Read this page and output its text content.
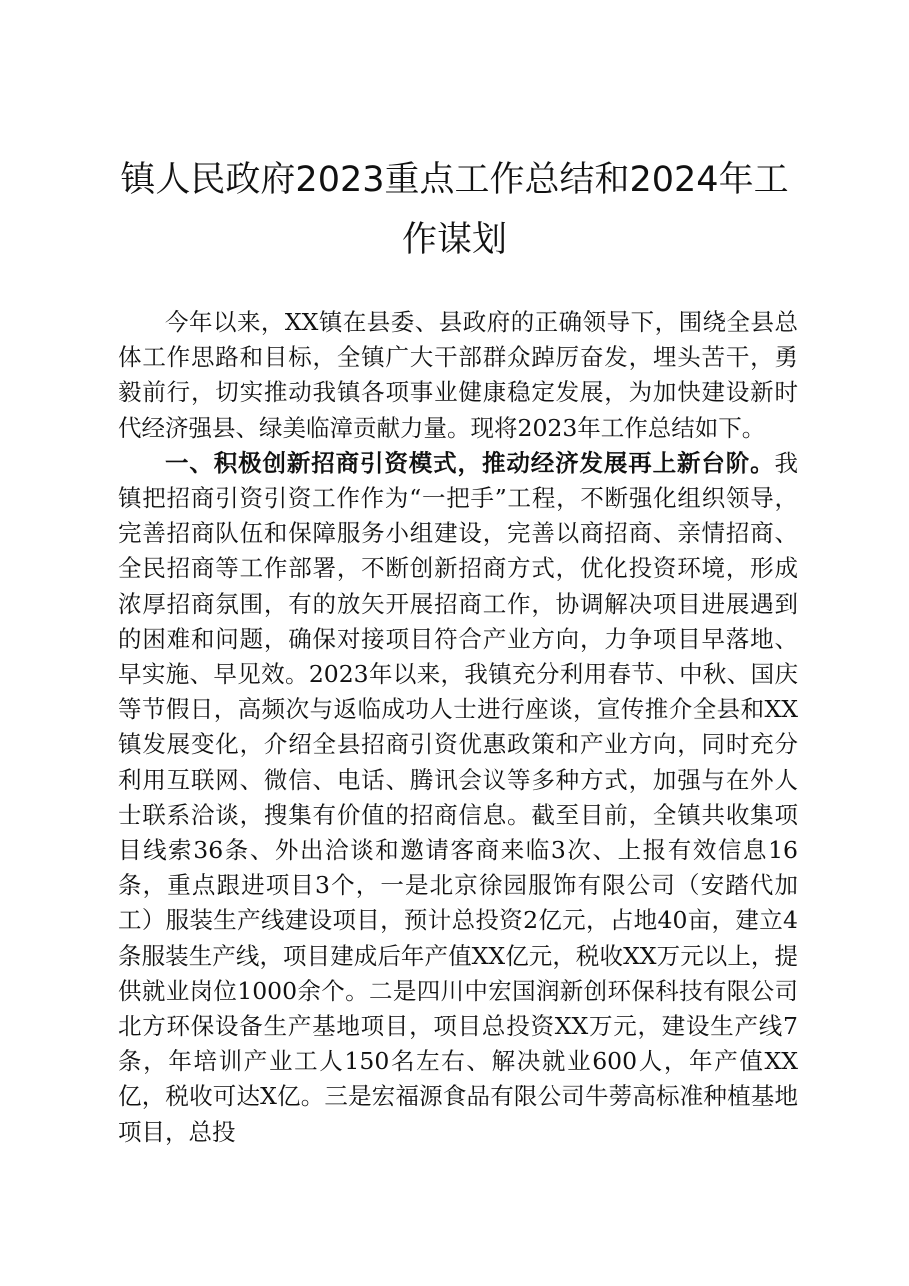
镇人民政府2023重点工作总结和2024年工作谋划

今年以来，XX镇在县委、县政府的正确领导下，围绕全县总体工作思路和目标，全镇广大干部群众踔厉奋发，埋头苦干，勇毅前行，切实推动我镇各项事业健康稳定发展，为加快建设新时代经济强县、绿美临漳贡献力量。现将2023年工作总结如下。

一、积极创新招商引资模式，推动经济发展再上新台阶。我镇把招商引资引资工作作为“一把手”工程，不断强化组织领导，完善招商队伍和保障服务小组建设，完善以商招商、亲情招商、全民招商等工作部署，不断创新招商方式，优化投资环境，形成浓厚招商氛围，有的放矢开展招商工作，协调解决项目进展遇到的困难和问题，确保对接项目符合产业方向，力争项目早落地、早实施、早见效。2023年以来，我镇充分利用春节、中秋、国庆等节假日，高频次与返临成功人士进行座谈，宣传推介全县和XX镇发展变化，介绍全县招商引资优惠政策和产业方向，同时充分利用互联网、微信、电话、腾讯会议等多种方式，加强与在外人士联系洽谈，搜集有价值的招商信息。截至目前，全镇共收集项目线索36条、外出洽谈和邀请客商来临3次、上报有效信息16条，重点跟进项目3个，一是北京徐园服饰有限公司（安踏代加工）服装生产线建设项目，预计总投资2亿元，占地40亩，建立4条服装生产线，项目建成后年产值XX亿元，税收XX万元以上，提供就业岗位1000余个。二是四川中宏国润新创环保科技有限公司北方环保设备生产基地项目，项目总投资XX万元，建设生产线7条，年培训产业工人150名左右、解决就业600人，年产值XX亿，税收可达X亿。三是宏福源食品有限公司牛蒡高标准种植基地项目，总投
